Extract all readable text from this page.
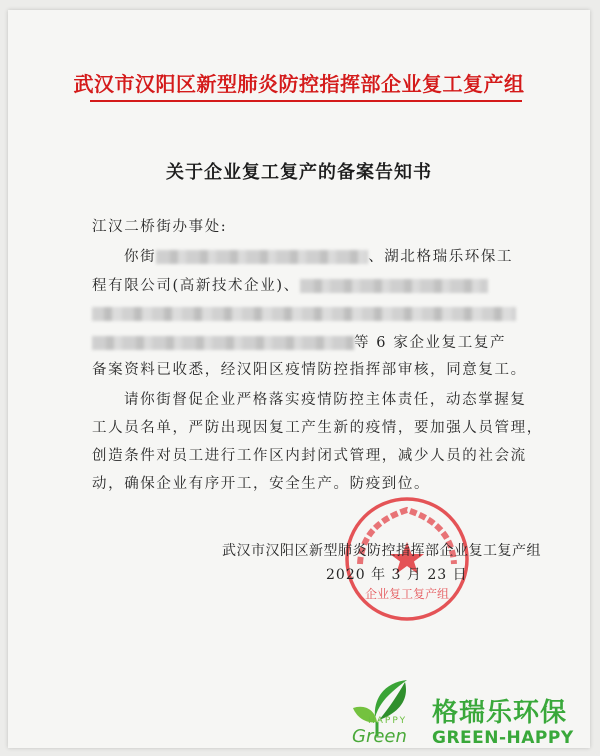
武汉市汉阳区新型肺炎防控指挥部企业复工复产组
关于企业复工复产的备案告知书
江汉二桥街办事处:
你街	、湖北格瑞乐环保工
程有限公司(高新技术企业)、
等 6 家企业复工复产
备案资料已收悉，经汉阳区疫情防控指挥部审核，同意复工。
请你街督促企业严格落实疫情防控主体责任，动态掌握复
工人员名单，严防出现因复工产生新的疫情，要加强人员管理，
创造条件对员工进行工作区内封闭式管理，减少人员的社会流
动，确保企业有序开工，安全生产。防疫到位。
企业复工复产组
武汉市汉阳区新型肺炎防控指挥部企业复工复产组
2020 年 3 月 23 日
HAPPY
Green
格瑞乐环保
GREEN-HAPPY
